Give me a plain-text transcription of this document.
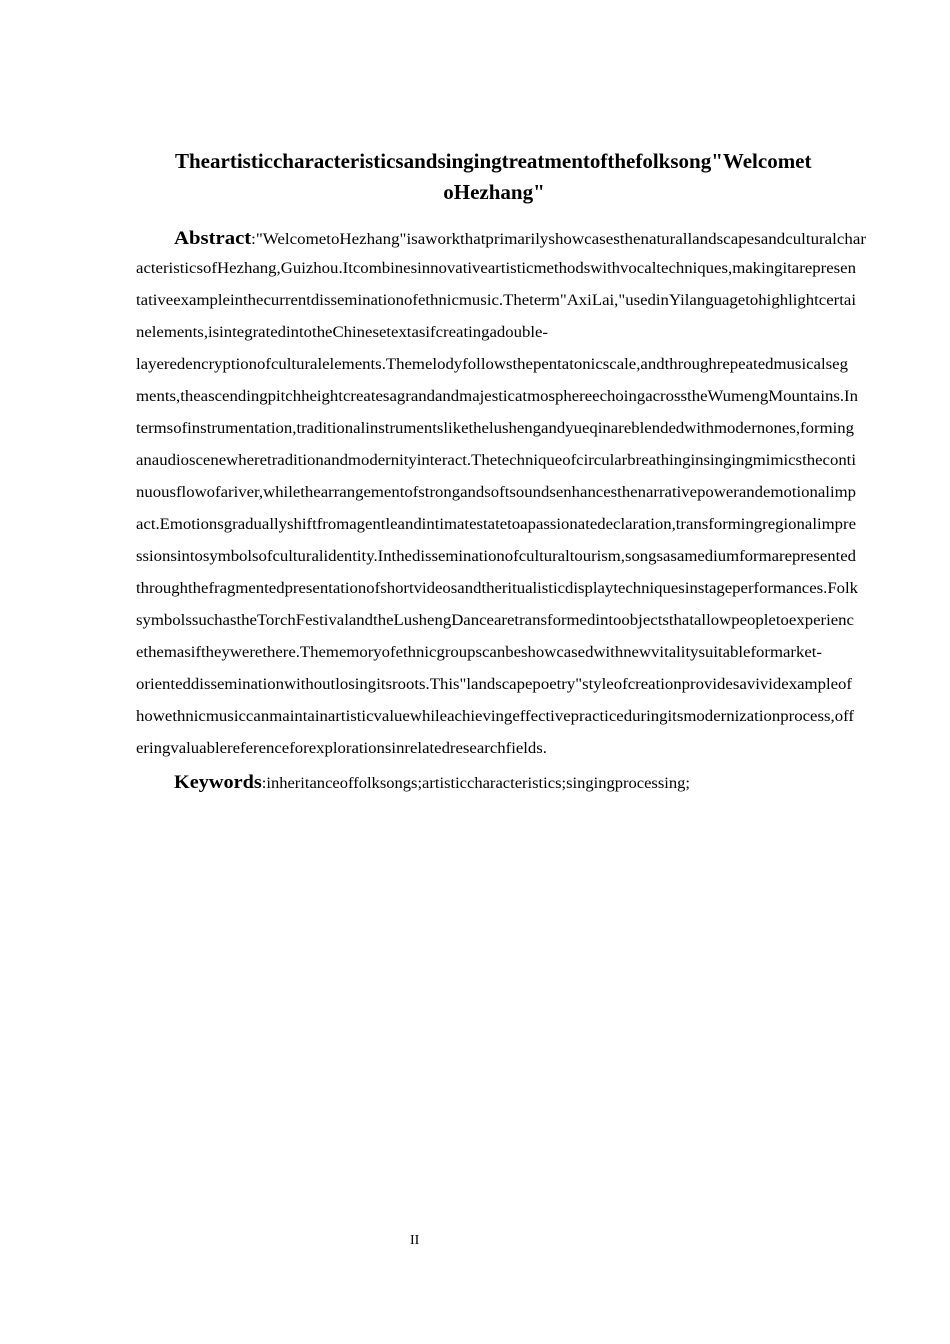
Theartisticcharacteristicsandsingingtreatmentofthefolksong"Welcomet
oHezhang"
Abstract:"WelcometoHezhang"isaworkthatprimarilyshowcasesthenaturallandscapesandculturalchar
acteristicsofHezhang,Guizhou.Itcombinesinnovativeartisticmethodswithvocaltechniques,makingitarepresen
tativeexampleinthecurrentdisseminationofethnicmusic.Theterm"AxiLai,"usedinYilanguagetohighlightcertai
nelements,isintegratedintotheChinesetextasifcreatingadouble-
layeredencryptionofculturalelements.Themelodyfollowsthepentatonicscale,andthroughrepeatedmusicalseg
ments,theascendingpitchheightcreatesagrandandmajesticatmosphereechoingacrosstheWumengMountains.In
termsofinstrumentation,traditionalinstrumentslikethelushengandyueqinareblendedwithmodernones,forming
anaudioscenewheretraditionandmodernityinteract.Thetechniqueofcircularbreathinginsingingmimicstheconti
nuousflowofariver,whilethearrangementofstrongandsoftsoundsenhancesthenarrativepowerandemotionalimp
act.Emotionsgraduallyshiftfromagentleandintimatestatetoapassionatedeclaration,transformingregionalimpre
ssionsintosymbolsofculturalidentity.Inthedisseminationofculturaltourism,songsasamediumformarepresented
throughthefragmentedpresentationofshortvideosandtheritualisticdisplaytechniquesinstageperformances.Folk
symbolssuchastheTorchFestivalandtheLushengDancearetransformedintoobjectsthatallowpeopletoexperienc
ethemasiftheywerethere.Thememoryofethnicgroupscanbeshowcasedwithnewvitalitysuitableformarket-
orienteddisseminationwithoutlosingitsroots.This"landscapepoetry"styleofcreationprovidesavividexampleof
howethnicmusiccanmaintainartisticvaluewhileachievingeffectivepracticeduringitsmodernizationprocess,off
eringvaluablereferenceforexplorationsinrelatedresearchfields.
Keywords:inheritanceoffolksongs;artisticcharacteristics;singingprocessing;
II
